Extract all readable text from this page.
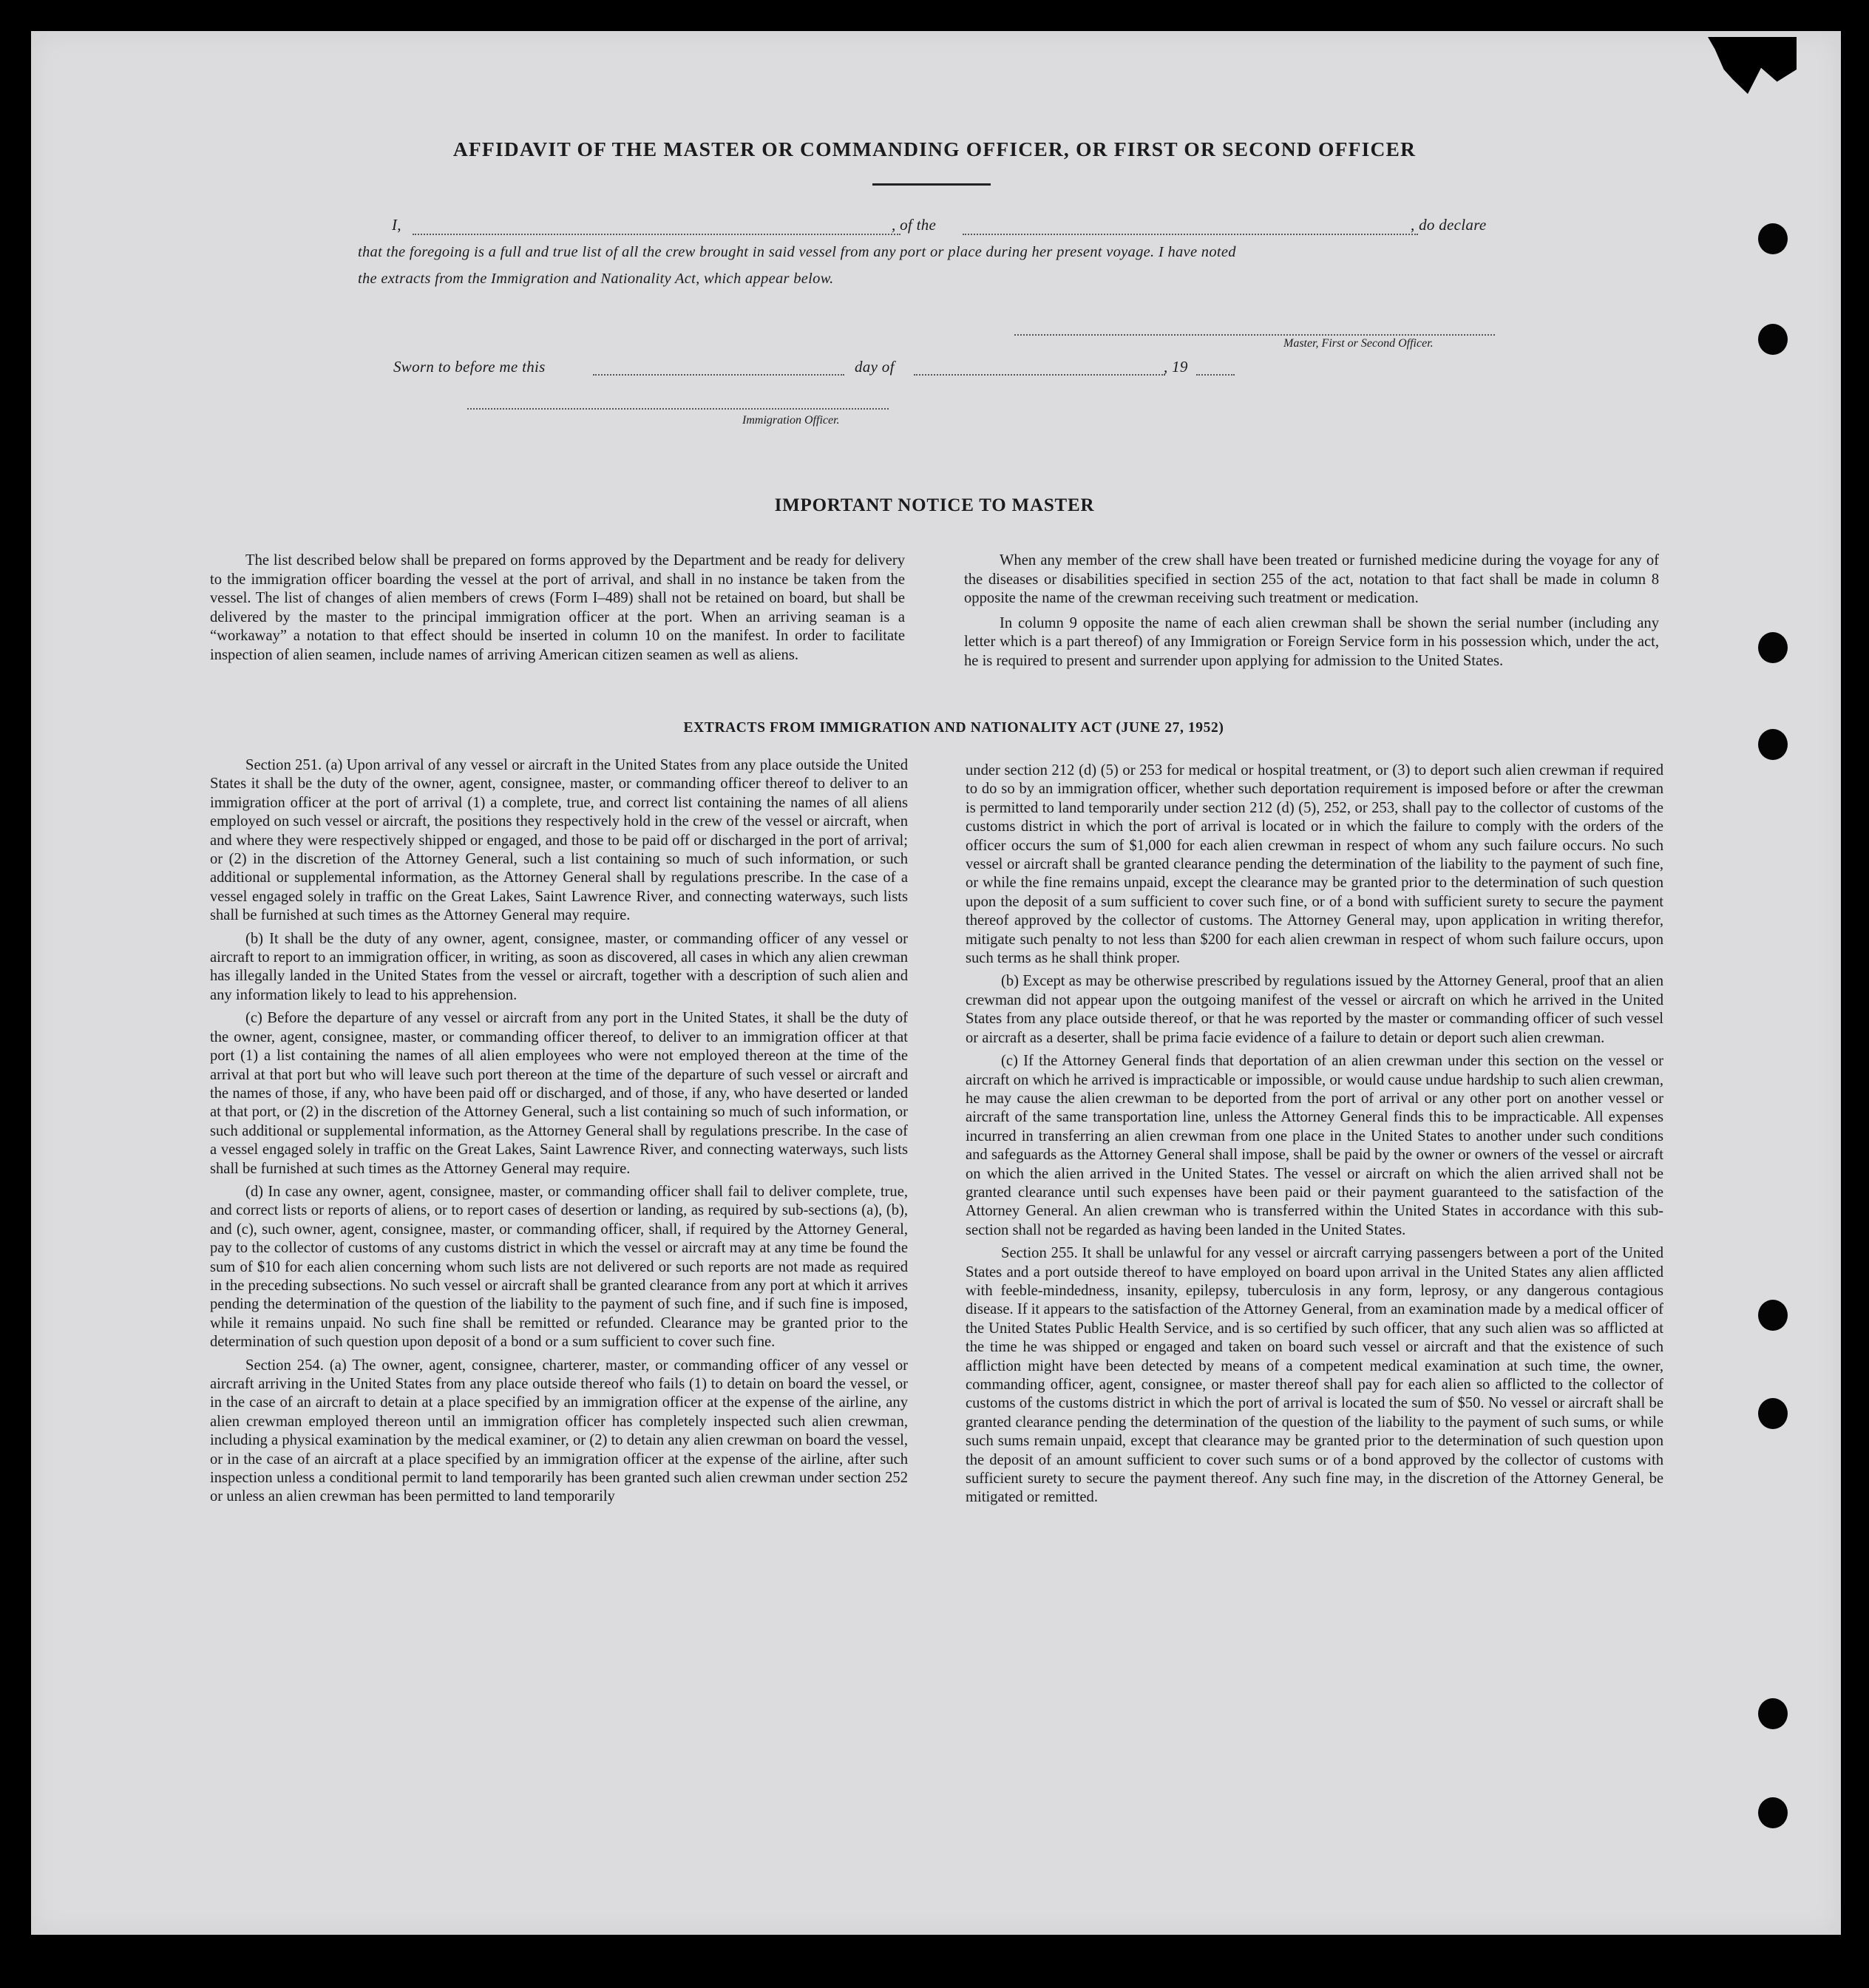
AFFIDAVIT OF THE MASTER OR COMMANDING OFFICER, OR FIRST OR SECOND OFFICER
I,	, of the	, do declare
that the foregoing is a full and true list of all the crew brought in said vessel from any port or place during her present voyage. I have noted
the extracts from the Immigration and Nationality Act, which appear below.
Master, First or Second Officer.
Sworn to before me this	day of	, 19
Immigration Officer.
IMPORTANT NOTICE TO MASTER

The list described below shall be prepared on forms approved by the Department and be ready for delivery to the immigration officer boarding the vessel at the port of arrival, and shall in no instance be taken from the vessel. The list of changes of alien members of crews (Form I–489) shall not be retained on board, but shall be delivered by the master to the principal immigration officer at the port. When an arriving seaman is a “workaway” a notation to that effect should be inserted in column 10 on the manifest. In order to facilitate inspection of alien seamen, include names of arriving American citizen seamen as well as aliens.

When any member of the crew shall have been treated or furnished medicine during the voyage for any of the diseases or disabilities specified in section 255 of the act, notation to that fact shall be made in column 8 opposite the name of the crewman receiving such treatment or medication.

In column 9 opposite the name of each alien crewman shall be shown the serial number (including any letter which is a part thereof) of any Immigration or Foreign Service form in his possession which, under the act, he is required to present and surrender upon applying for admission to the United States.

EXTRACTS FROM IMMIGRATION AND NATIONALITY ACT (JUNE 27, 1952)

Section 251. (a) Upon arrival of any vessel or aircraft in the United States from any place outside the United States it shall be the duty of the owner, agent, consignee, master, or commanding officer thereof to deliver to an immigration officer at the port of arrival (1) a complete, true, and correct list containing the names of all aliens employed on such vessel or aircraft, the positions they respectively hold in the crew of the vessel or aircraft, when and where they were respectively shipped or engaged, and those to be paid off or discharged in the port of arrival; or (2) in the discretion of the Attorney General, such a list containing so much of such information, or such additional or supplemental information, as the Attorney General shall by regulations prescribe. In the case of a vessel engaged solely in traffic on the Great Lakes, Saint Lawrence River, and connecting waterways, such lists shall be furnished at such times as the Attorney General may require.

(b) It shall be the duty of any owner, agent, consignee, master, or commanding officer of any vessel or aircraft to report to an immigration officer, in writing, as soon as discovered, all cases in which any alien crewman has illegally landed in the United States from the vessel or aircraft, together with a description of such alien and any information likely to lead to his apprehension.

(c) Before the departure of any vessel or aircraft from any port in the United States, it shall be the duty of the owner, agent, consignee, master, or commanding officer thereof, to deliver to an immigration officer at that port (1) a list containing the names of all alien employees who were not employed thereon at the time of the arrival at that port but who will leave such port thereon at the time of the departure of such vessel or aircraft and the names of those, if any, who have been paid off or discharged, and of those, if any, who have deserted or landed at that port, or (2) in the discretion of the Attorney General, such a list containing so much of such information, or such additional or supplemental information, as the Attorney General shall by regulations prescribe. In the case of a vessel engaged solely in traffic on the Great Lakes, Saint Lawrence River, and connecting waterways, such lists shall be furnished at such times as the Attorney General may require.

(d) In case any owner, agent, consignee, master, or commanding officer shall fail to deliver complete, true, and correct lists or reports of aliens, or to report cases of desertion or landing, as required by sub-sections (a), (b), and (c), such owner, agent, consignee, master, or commanding officer, shall, if required by the Attorney General, pay to the collector of customs of any customs district in which the vessel or aircraft may at any time be found the sum of $10 for each alien concerning whom such lists are not delivered or such reports are not made as required in the preceding subsections. No such vessel or aircraft shall be granted clearance from any port at which it arrives pending the determination of the question of the liability to the payment of such fine, and if such fine is imposed, while it remains unpaid. No such fine shall be remitted or refunded. Clearance may be granted prior to the determination of such question upon deposit of a bond or a sum sufficient to cover such fine.

Section 254. (a) The owner, agent, consignee, charterer, master, or commanding officer of any vessel or aircraft arriving in the United States from any place outside thereof who fails (1) to detain on board the vessel, or in the case of an aircraft to detain at a place specified by an immigration officer at the expense of the airline, any alien crewman employed thereon until an immigration officer has completely inspected such alien crewman, including a physical examination by the medical examiner, or (2) to detain any alien crewman on board the vessel, or in the case of an aircraft at a place specified by an immigration officer at the expense of the airline, after such inspection unless a conditional permit to land temporarily has been granted such alien crewman under section 252 or unless an alien crewman has been permitted to land temporarily

under section 212 (d) (5) or 253 for medical or hospital treatment, or (3) to deport such alien crewman if required to do so by an immigration officer, whether such deportation requirement is imposed before or after the crewman is permitted to land temporarily under section 212 (d) (5), 252, or 253, shall pay to the collector of customs of the customs district in which the port of arrival is located or in which the failure to comply with the orders of the officer occurs the sum of $1,000 for each alien crewman in respect of whom any such failure occurs. No such vessel or aircraft shall be granted clearance pending the determination of the liability to the payment of such fine, or while the fine remains unpaid, except the clearance may be granted prior to the determination of such question upon the deposit of a sum sufficient to cover such fine, or of a bond with sufficient surety to secure the payment thereof approved by the collector of customs. The Attorney General may, upon application in writing therefor, mitigate such penalty to not less than $200 for each alien crewman in respect of whom such failure occurs, upon such terms as he shall think proper.

(b) Except as may be otherwise prescribed by regulations issued by the Attorney General, proof that an alien crewman did not appear upon the outgoing manifest of the vessel or aircraft on which he arrived in the United States from any place outside thereof, or that he was reported by the master or commanding officer of such vessel or aircraft as a deserter, shall be prima facie evidence of a failure to detain or deport such alien crewman.

(c) If the Attorney General finds that deportation of an alien crewman under this section on the vessel or aircraft on which he arrived is impracticable or impossible, or would cause undue hardship to such alien crewman, he may cause the alien crewman to be deported from the port of arrival or any other port on another vessel or aircraft of the same transportation line, unless the Attorney General finds this to be impracticable. All expenses incurred in transferring an alien crewman from one place in the United States to another under such conditions and safeguards as the Attorney General shall impose, shall be paid by the owner or owners of the vessel or aircraft on which the alien arrived in the United States. The vessel or aircraft on which the alien arrived shall not be granted clearance until such expenses have been paid or their payment guaranteed to the satisfaction of the Attorney General. An alien crewman who is transferred within the United States in accordance with this sub-section shall not be regarded as having been landed in the United States.

Section 255. It shall be unlawful for any vessel or aircraft carrying passengers between a port of the United States and a port outside thereof to have employed on board upon arrival in the United States any alien afflicted with feeble-mindedness, insanity, epilepsy, tuberculosis in any form, leprosy, or any dangerous contagious disease. If it appears to the satisfaction of the Attorney General, from an examination made by a medical officer of the United States Public Health Service, and is so certified by such officer, that any such alien was so afflicted at the time he was shipped or engaged and taken on board such vessel or aircraft and that the existence of such affliction might have been detected by means of a competent medical examination at such time, the owner, commanding officer, agent, consignee, or master thereof shall pay for each alien so afflicted to the collector of customs of the customs district in which the port of arrival is located the sum of $50. No vessel or aircraft shall be granted clearance pending the determination of the question of the liability to the payment of such sums, or while such sums remain unpaid, except that clearance may be granted prior to the determination of such question upon the deposit of an amount sufficient to cover such sums or of a bond approved by the collector of customs with sufficient surety to secure the payment thereof. Any such fine may, in the discretion of the Attorney General, be mitigated or remitted.
